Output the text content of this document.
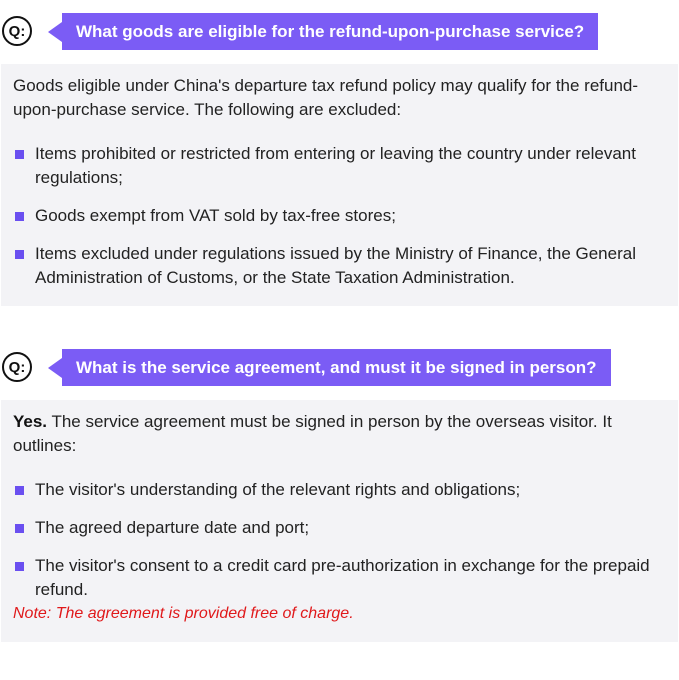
Q:	What goods are eligible for the refund-upon-purchase service?

Goods eligible under China's departure tax refund policy may qualify for the refund-upon-purchase service. The following are excluded:

Items prohibited or restricted from entering or leaving the country under relevant regulations;
Goods exempt from VAT sold by tax-free stores;
Items excluded under regulations issued by the Ministry of Finance, the General Administration of Customs, or the State Taxation Administration.
Q:	What is the service agreement, and must it be signed in person?

Yes. The service agreement must be signed in person by the overseas visitor. It outlines:

The visitor's understanding of the relevant rights and obligations;
The agreed departure date and port;
The visitor's consent to a credit card pre-authorization in exchange for the prepaid refund.

Note: The agreement is provided free of charge.
